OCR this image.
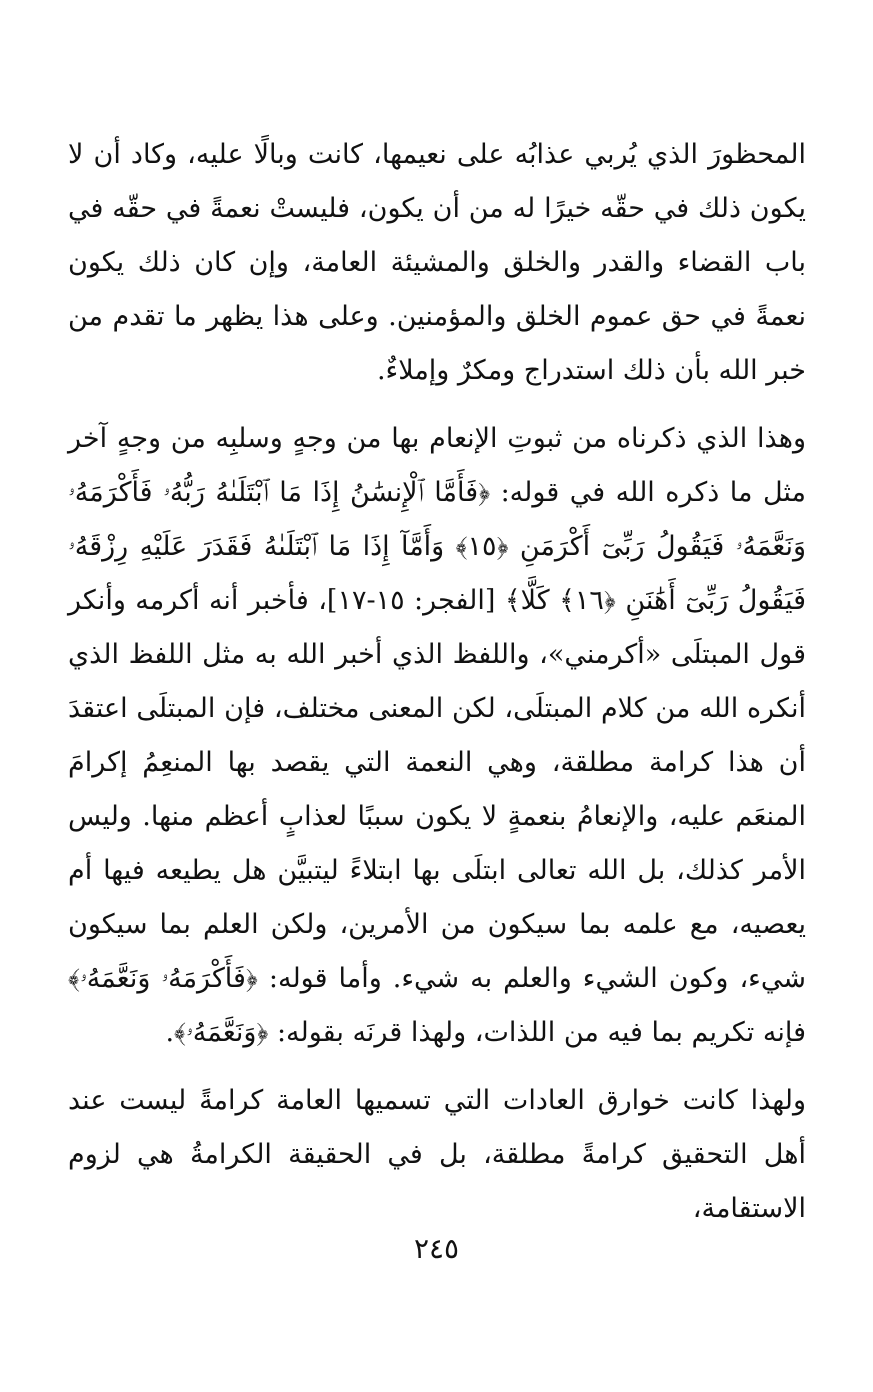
المحظورَ الذي يُربي عذابُه على نعيمها، كانت وبالًا عليه، وكاد أن لا يكون ذلك في حقّه خيرًا له من أن يكون، فليستْ نعمةً في حقّه في باب القضاء والقدر والخلق والمشيئة العامة، وإن كان ذلك يكون نعمةً في حق عموم الخلق والمؤمنين. وعلى هذا يظهر ما تقدم من خبر الله بأن ذلك استدراج ومكرٌ وإملاءٌ.

وهذا الذي ذكرناه من ثبوتِ الإنعام بها من وجهٍ وسلبِه من وجهٍ آخر مثل ما ذكره الله في قوله: ﴿فَأَمَّا ٱلْإِنسَٰنُ إِذَا مَا ٱبْتَلَىٰهُ رَبُّهُۥ فَأَكْرَمَهُۥ وَنَعَّمَهُۥ فَيَقُولُ رَبِّىٓ أَكْرَمَنِ ﴿١٥﴾ وَأَمَّآ إِذَا مَا ٱبْتَلَىٰهُ فَقَدَرَ عَلَيْهِ رِزْقَهُۥ فَيَقُولُ رَبِّىٓ أَهَٰنَنِ ﴿١٦﴾ كَلَّا﴾ [الفجر: ١٥-١٧]، فأخبر أنه أكرمه وأنكر قول المبتلَى «أكرمني»، واللفظ الذي أخبر الله به مثل اللفظ الذي أنكره الله من كلام المبتلَى، لكن المعنى مختلف، فإن المبتلَى اعتقدَ أن هذا كرامة مطلقة، وهي النعمة التي يقصد بها المنعِمُ إكرامَ المنعَم عليه، والإنعامُ بنعمةٍ لا يكون سببًا لعذابٍ أعظم منها. وليس الأمر كذلك، بل الله تعالى ابتلَى بها ابتلاءً ليتبيَّن هل يطيعه فيها أم يعصيه، مع علمه بما سيكون من الأمرين، ولكن العلم بما سيكون شيء، وكون الشيء والعلم به شيء. وأما قوله: ﴿فَأَكْرَمَهُۥ وَنَعَّمَهُۥ﴾ فإنه تكريم بما فيه من اللذات، ولهذا قرنَه بقوله: ﴿وَنَعَّمَهُۥ﴾.

ولهذا كانت خوارق العادات التي تسميها العامة كرامةً ليست عند أهل التحقيق كرامةً مطلقة، بل في الحقيقة الكرامةُ هي لزوم الاستقامة،

٢٤٥
